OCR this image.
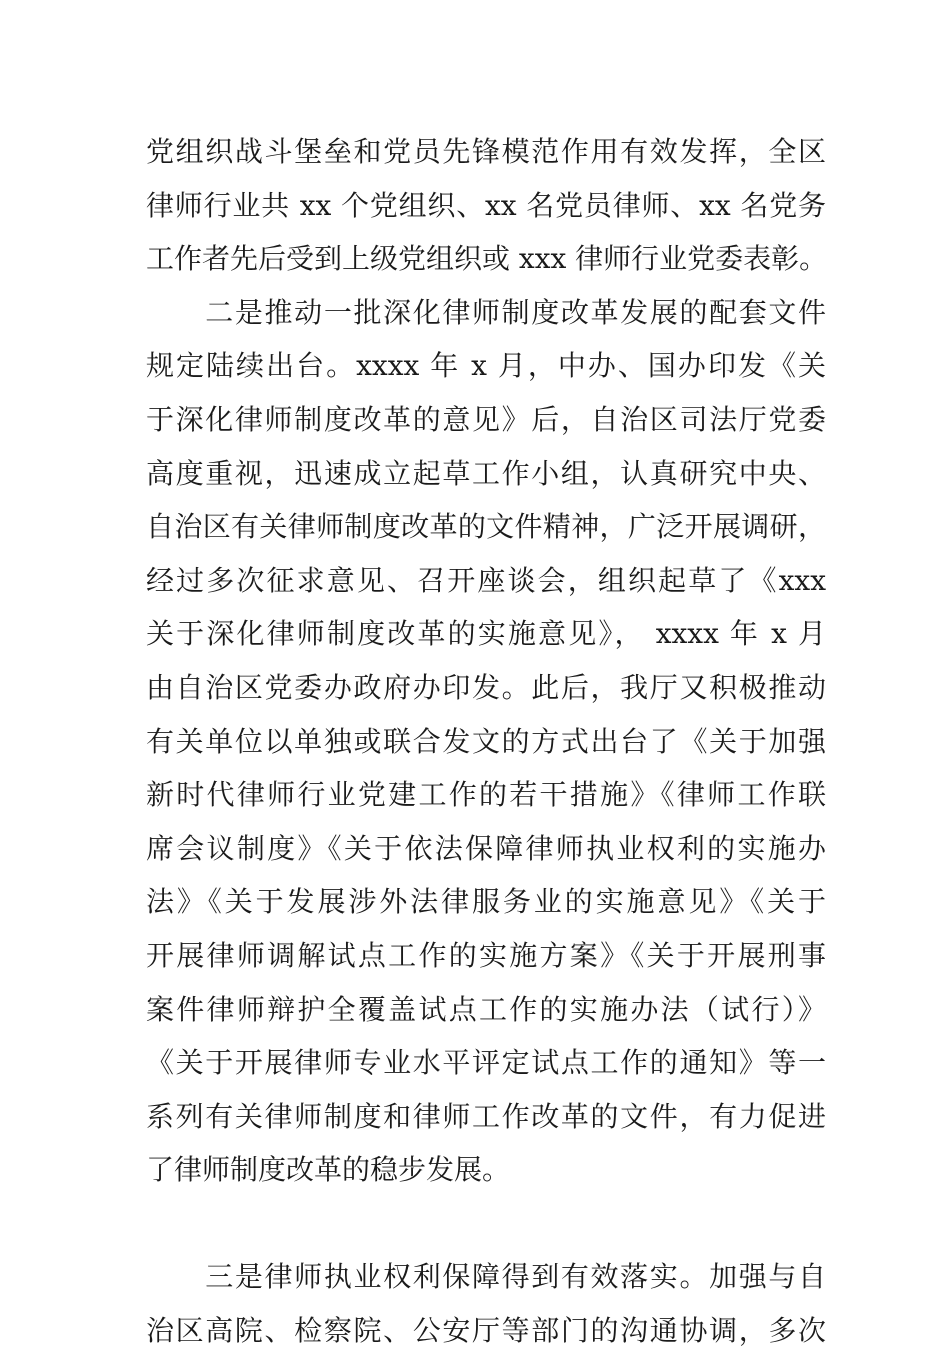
党组织战斗堡垒和党员先锋模范作用有效发挥，全区
律师行业共 xx 个党组织、xx 名党员律师、xx 名党务
工作者先后受到上级党组织或 xxx 律师行业党委表彰。
　　二是推动一批深化律师制度改革发展的配套文件
规定陆续出台。xxxx 年 x 月，中办、国办印发《关
于深化律师制度改革的意见》后，自治区司法厅党委
高度重视，迅速成立起草工作小组，认真研究中央、
自治区有关律师制度改革的文件精神，广泛开展调研，
经过多次征求意见、召开座谈会，组织起草了《xxx
关于深化律师制度改革的实施意见》， xxxx 年 x 月
由自治区党委办政府办印发。此后，我厅又积极推动
有关单位以单独或联合发文的方式出台了《关于加强
新时代律师行业党建工作的若干措施》《律师工作联
席会议制度》《关于依法保障律师执业权利的实施办
法》《关于发展涉外法律服务业的实施意见》《关于
开展律师调解试点工作的实施方案》《关于开展刑事
案件律师辩护全覆盖试点工作的实施办法（试行）》
《关于开展律师专业水平评定试点工作的通知》等一
系列有关律师制度和律师工作改革的文件，有力促进
了律师制度改革的稳步发展。
　　三是律师执业权利保障得到有效落实。加强与自
治区高院、检察院、公安厅等部门的沟通协调，多次
